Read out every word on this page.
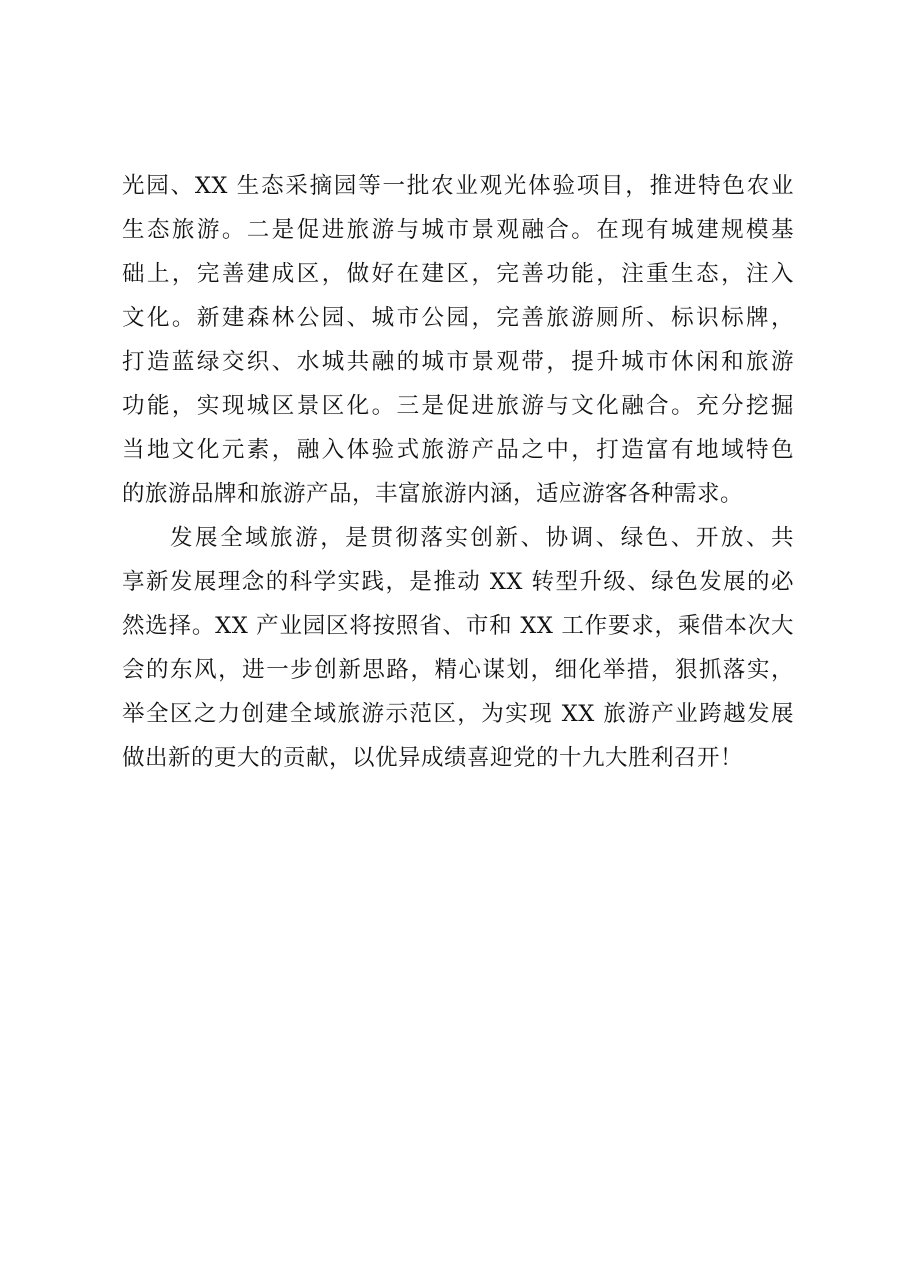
光园、XX 生态采摘园等一批农业观光体验项目，推进特色农业
生态旅游。二是促进旅游与城市景观融合。在现有城建规模基
础上，完善建成区，做好在建区，完善功能，注重生态，注入
文化。新建森林公园、城市公园，完善旅游厕所、标识标牌，
打造蓝绿交织、水城共融的城市景观带，提升城市休闲和旅游
功能，实现城区景区化。三是促进旅游与文化融合。充分挖掘
当地文化元素，融入体验式旅游产品之中，打造富有地域特色
的旅游品牌和旅游产品，丰富旅游内涵，适应游客各种需求。
发展全域旅游，是贯彻落实创新、协调、绿色、开放、共
享新发展理念的科学实践，是推动 XX 转型升级、绿色发展的必
然选择。XX 产业园区将按照省、市和 XX 工作要求，乘借本次大
会的东风，进一步创新思路，精心谋划，细化举措，狠抓落实，
举全区之力创建全域旅游示范区，为实现 XX 旅游产业跨越发展
做出新的更大的贡献，以优异成绩喜迎党的十九大胜利召开！
